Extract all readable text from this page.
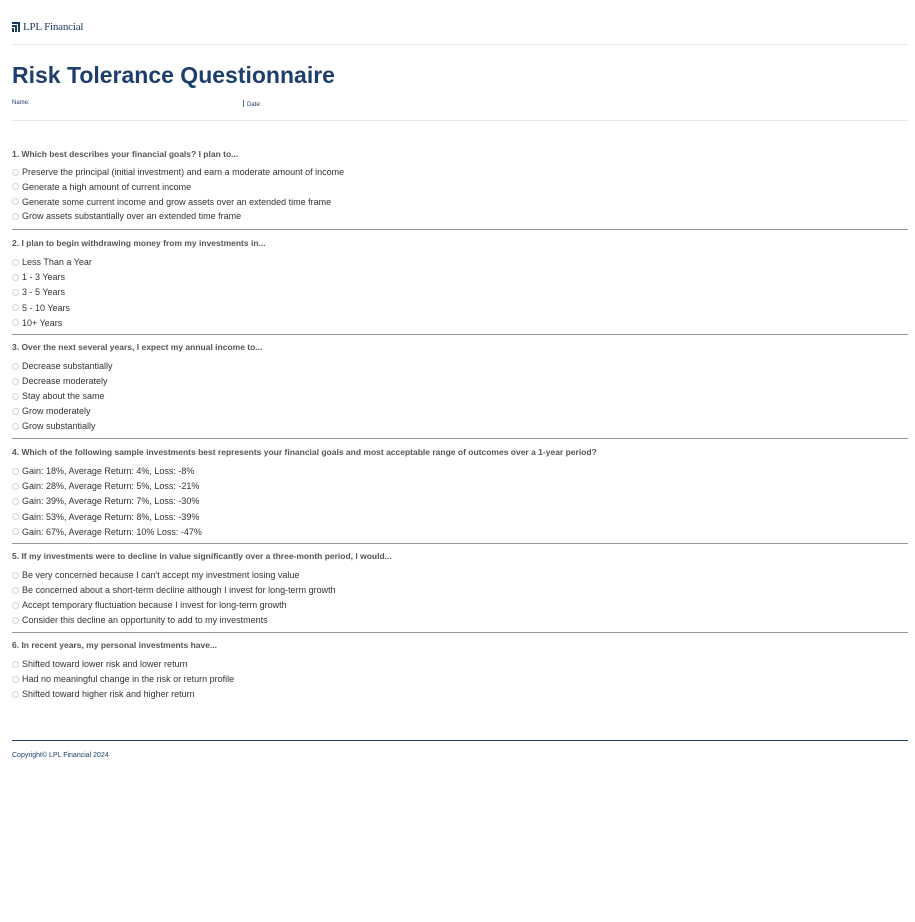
LPL Financial
Risk Tolerance Questionnaire
Name:	Date:
1. Which best describes your financial goals? I plan to...
Preserve the principal (initial investment) and earn a moderate amount of income
Generate a high amount of current income
Generate some current income and grow assets over an extended time frame
Grow assets substantially over an extended time frame
2. I plan to begin withdrawing money from my investments in...
Less Than a Year
1 - 3 Years
3 - 5 Years
5 - 10 Years
10+ Years
3. Over the next several years, I expect my annual income to...
Decrease substantially
Decrease moderately
Stay about the same
Grow moderately
Grow substantially
4. Which of the following sample investments best represents your financial goals and most acceptable range of outcomes over a 1-year period?
Gain: 18%, Average Return: 4%, Loss: -8%
Gain: 28%, Average Return: 5%, Loss: -21%
Gain: 39%, Average Return: 7%, Loss: -30%
Gain: 53%, Average Return: 8%, Loss: -39%
Gain: 67%, Average Return: 10% Loss: -47%
5. If my investments were to decline in value significantly over a three-month period, I would...
Be very concerned because I can't accept my investment losing value
Be concerned about a short-term decline although I invest for long-term growth
Accept temporary fluctuation because I invest for long-term growth
Consider this decline an opportunity to add to my investments
6. In recent years, my personal investments have...
Shifted toward lower risk and lower return
Had no meaningful change in the risk or return profile
Shifted toward higher risk and higher return
Copyright© LPL Financial 2024
